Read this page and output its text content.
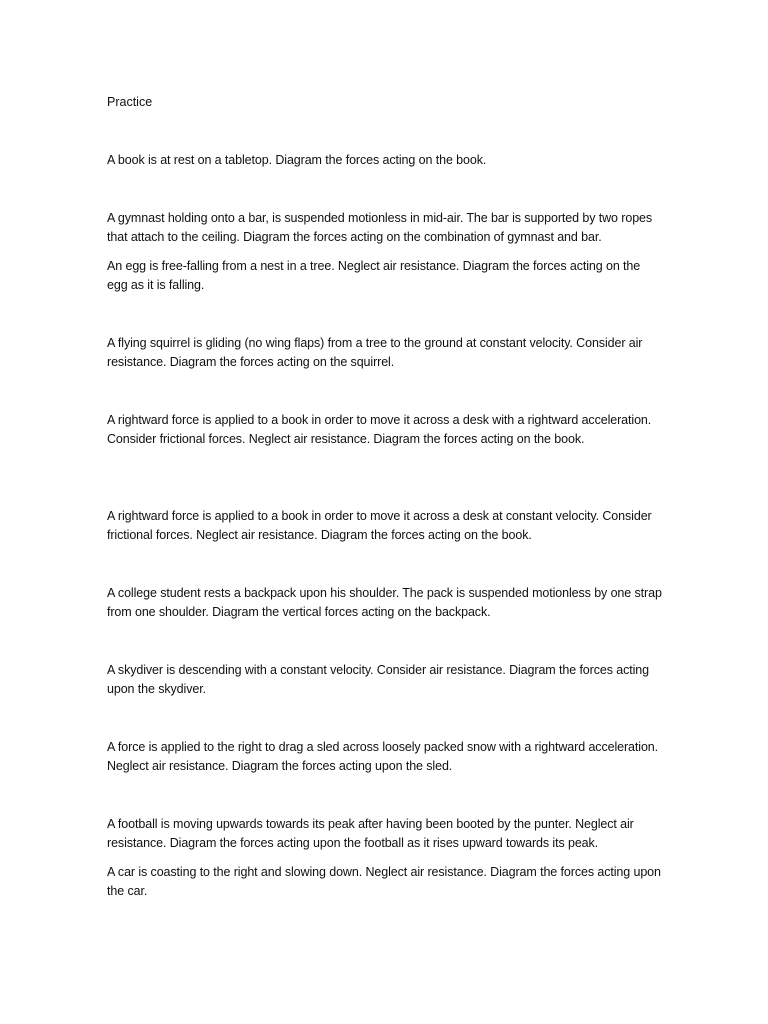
Practice

A book is at rest on a tabletop. Diagram the forces acting on the book.

A gymnast holding onto a bar, is suspended motionless in mid-air. The bar is supported by two ropes that attach to the ceiling. Diagram the forces acting on the combination of gymnast and bar.

An egg is free-falling from a nest in a tree. Neglect air resistance. Diagram the forces acting on the egg as it is falling.

A flying squirrel is gliding (no wing flaps) from a tree to the ground at constant velocity. Consider air resistance. Diagram the forces acting on the squirrel.

A rightward force is applied to a book in order to move it across a desk with a rightward acceleration. Consider frictional forces. Neglect air resistance. Diagram the forces acting on the book.

A rightward force is applied to a book in order to move it across a desk at constant velocity. Consider frictional forces. Neglect air resistance. Diagram the forces acting on the book.

A college student rests a backpack upon his shoulder. The pack is suspended motionless by one strap from one shoulder. Diagram the vertical forces acting on the backpack.

A skydiver is descending with a constant velocity. Consider air resistance. Diagram the forces acting upon the skydiver.

A force is applied to the right to drag a sled across loosely packed snow with a rightward acceleration. Neglect air resistance. Diagram the forces acting upon the sled.

A football is moving upwards towards its peak after having been booted by the punter. Neglect air resistance. Diagram the forces acting upon the football as it rises upward towards its peak.

A car is coasting to the right and slowing down. Neglect air resistance. Diagram the forces acting upon the car.
